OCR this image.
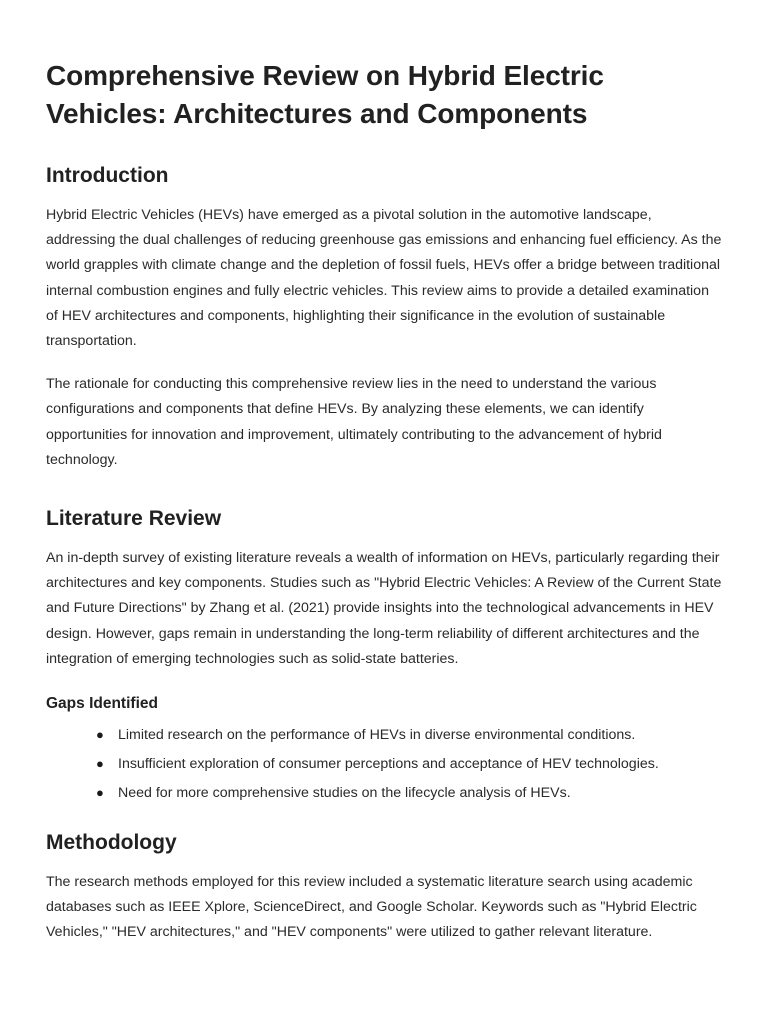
Comprehensive Review on Hybrid Electric Vehicles: Architectures and Components
Introduction

Hybrid Electric Vehicles (HEVs) have emerged as a pivotal solution in the automotive landscape, addressing the dual challenges of reducing greenhouse gas emissions and enhancing fuel efficiency. As the world grapples with climate change and the depletion of fossil fuels, HEVs offer a bridge between traditional internal combustion engines and fully electric vehicles. This review aims to provide a detailed examination of HEV architectures and components, highlighting their significance in the evolution of sustainable transportation.

The rationale for conducting this comprehensive review lies in the need to understand the various configurations and components that define HEVs. By analyzing these elements, we can identify opportunities for innovation and improvement, ultimately contributing to the advancement of hybrid technology.

Literature Review

An in-depth survey of existing literature reveals a wealth of information on HEVs, particularly regarding their architectures and key components. Studies such as "Hybrid Electric Vehicles: A Review of the Current State and Future Directions" by Zhang et al. (2021) provide insights into the technological advancements in HEV design. However, gaps remain in understanding the long-term reliability of different architectures and the integration of emerging technologies such as solid-state batteries.

Gaps Identified
● Limited research on the performance of HEVs in diverse environmental conditions.
● Insufficient exploration of consumer perceptions and acceptance of HEV technologies.
● Need for more comprehensive studies on the lifecycle analysis of HEVs.
Methodology

The research methods employed for this review included a systematic literature search using academic databases such as IEEE Xplore, ScienceDirect, and Google Scholar. Keywords such as "Hybrid Electric Vehicles," "HEV architectures," and "HEV components" were utilized to gather relevant literature.
